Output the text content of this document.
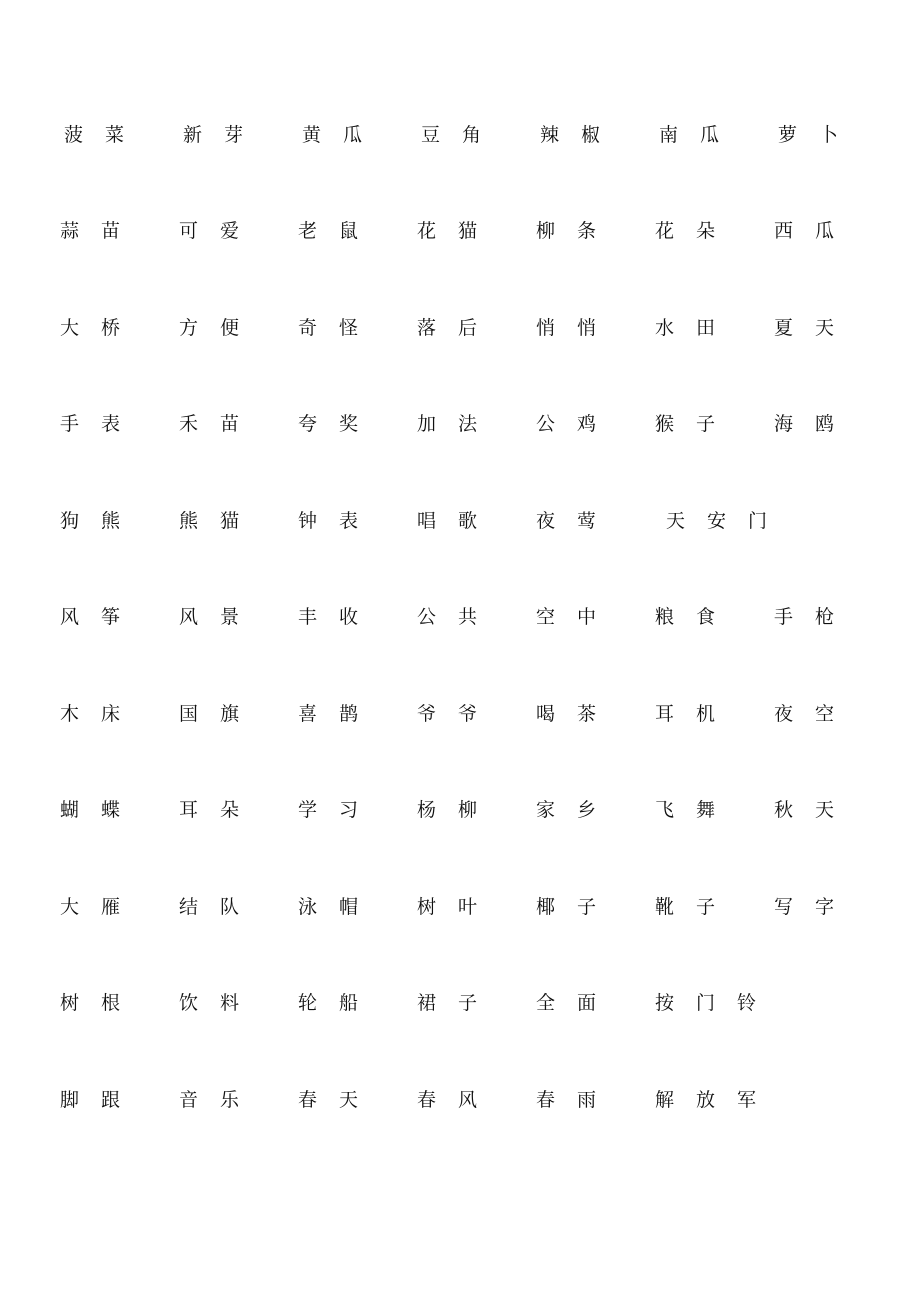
菠菜 新芽 黄瓜 豆角 辣椒 南瓜 萝卜
蒜苗 可爱 老鼠 花猫 柳条 花朵 西瓜
大桥 方便 奇怪 落后 悄悄 水田 夏天
手表 禾苗 夸奖 加法 公鸡 猴子 海鸥
狗熊 熊猫 钟表 唱歌 夜莺	天安门
风筝 风景 丰收 公共 空中 粮食 手枪
木床 国旗 喜鹊 爷爷 喝茶 耳机 夜空
蝴蝶 耳朵 学习 杨柳 家乡 飞舞 秋天
大雁 结队 泳帽 树叶 椰子 靴子 写字
树根 饮料 轮船 裙子 全面 按门铃
脚跟 音乐 春天 春风 春雨 解放军
